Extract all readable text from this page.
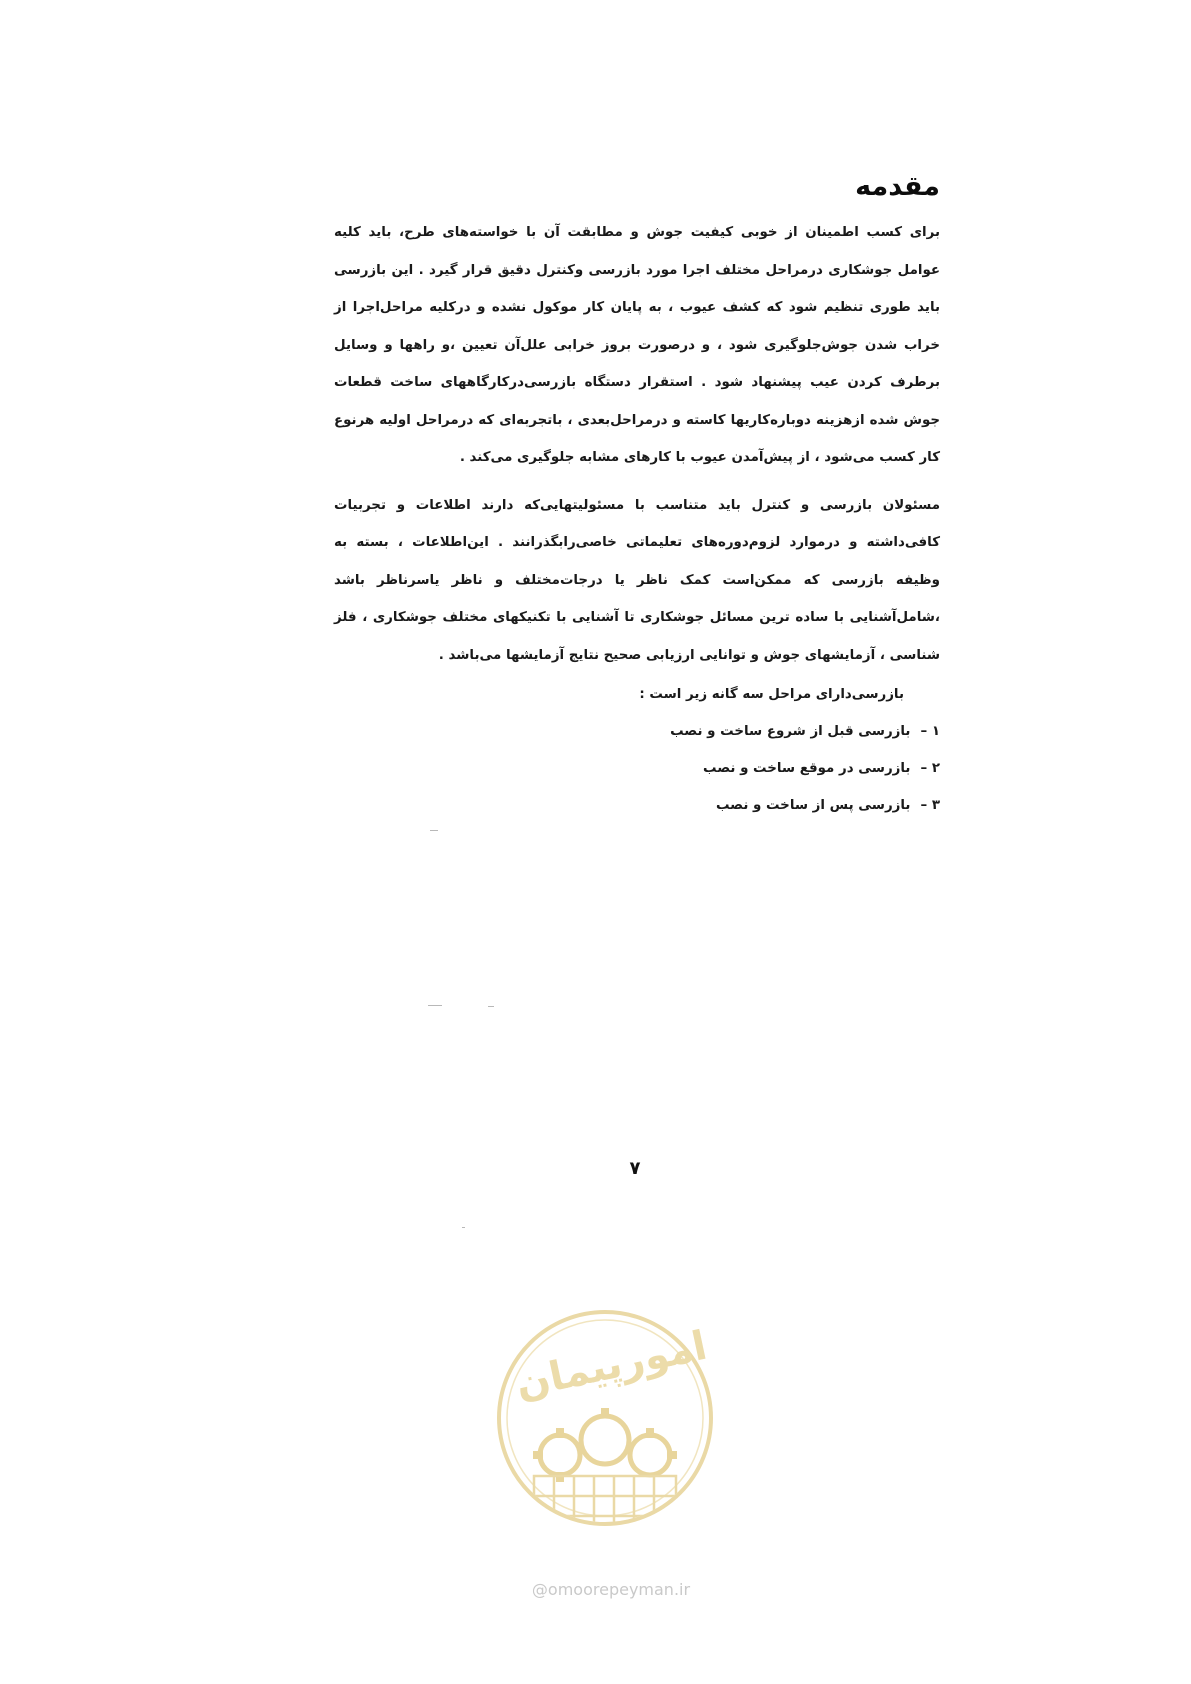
مقدمه

برای کسب اطمینان از خوبی کیفیت جوش و مطابقت آن با خواسته‌های طرح، باید کلیه عوامل جوشکاری درمراحل مختلف اجرا مورد بازرسی وکنترل دقیق قرار گیرد . این بازرسی باید طوری تنظیم شود که کشف عیوب ، به پایان کار موکول نشده و درکلیه مراحل‌اجرا از خراب شدن جوش‌جلوگیری شود ، و درصورت بروز خرابی علل‌آن تعیین ،و راهها و وسایل برطرف کردن عیب پیشنهاد شود . استقرار دستگاه بازرسی‌درکارگاههای ساخت قطعات جوش شده ازهزینه دوباره‌کاریها کاسته و درمراحل‌بعدی ، باتجربه‌ای که درمراحل اولیه هرنوع کار کسب می‌شود ، از پیش‌آمدن عیوب با کارهای مشابه جلوگیری می‌کند .

مسئولان بازرسی و کنترل باید متناسب با مسئولیتهایی‌که دارند اطلاعات و تجربیات کافی‌داشته و درموارد لزوم‌دوره‌های تعلیماتی خاصی‌رابگذرانند . این‌اطلاعات ، بسته به وظیفه بازرسی که ممکن‌است کمک ناظر یا درجات‌مختلف و ناظر یاسرناظر باشد ،شامل‌آشنایی با ساده ترین مسائل جوشکاری تا آشنایی با تکنیکهای مختلف جوشکاری ، فلز شناسی ، آزمایشهای جوش و توانایی ارزیابی صحیح نتایج آزمایشها می‌باشد .

بازرسی‌دارای مراحل سه گانه زیر است :

۱ –بازرسی قبل از شروع ساخت و نصب
۲ –بازرسی در موقع ساخت و نصب
۳ –بازرسی پس از ساخت و نصب
۷
امورپیمان
@omoorepeyman.ir
